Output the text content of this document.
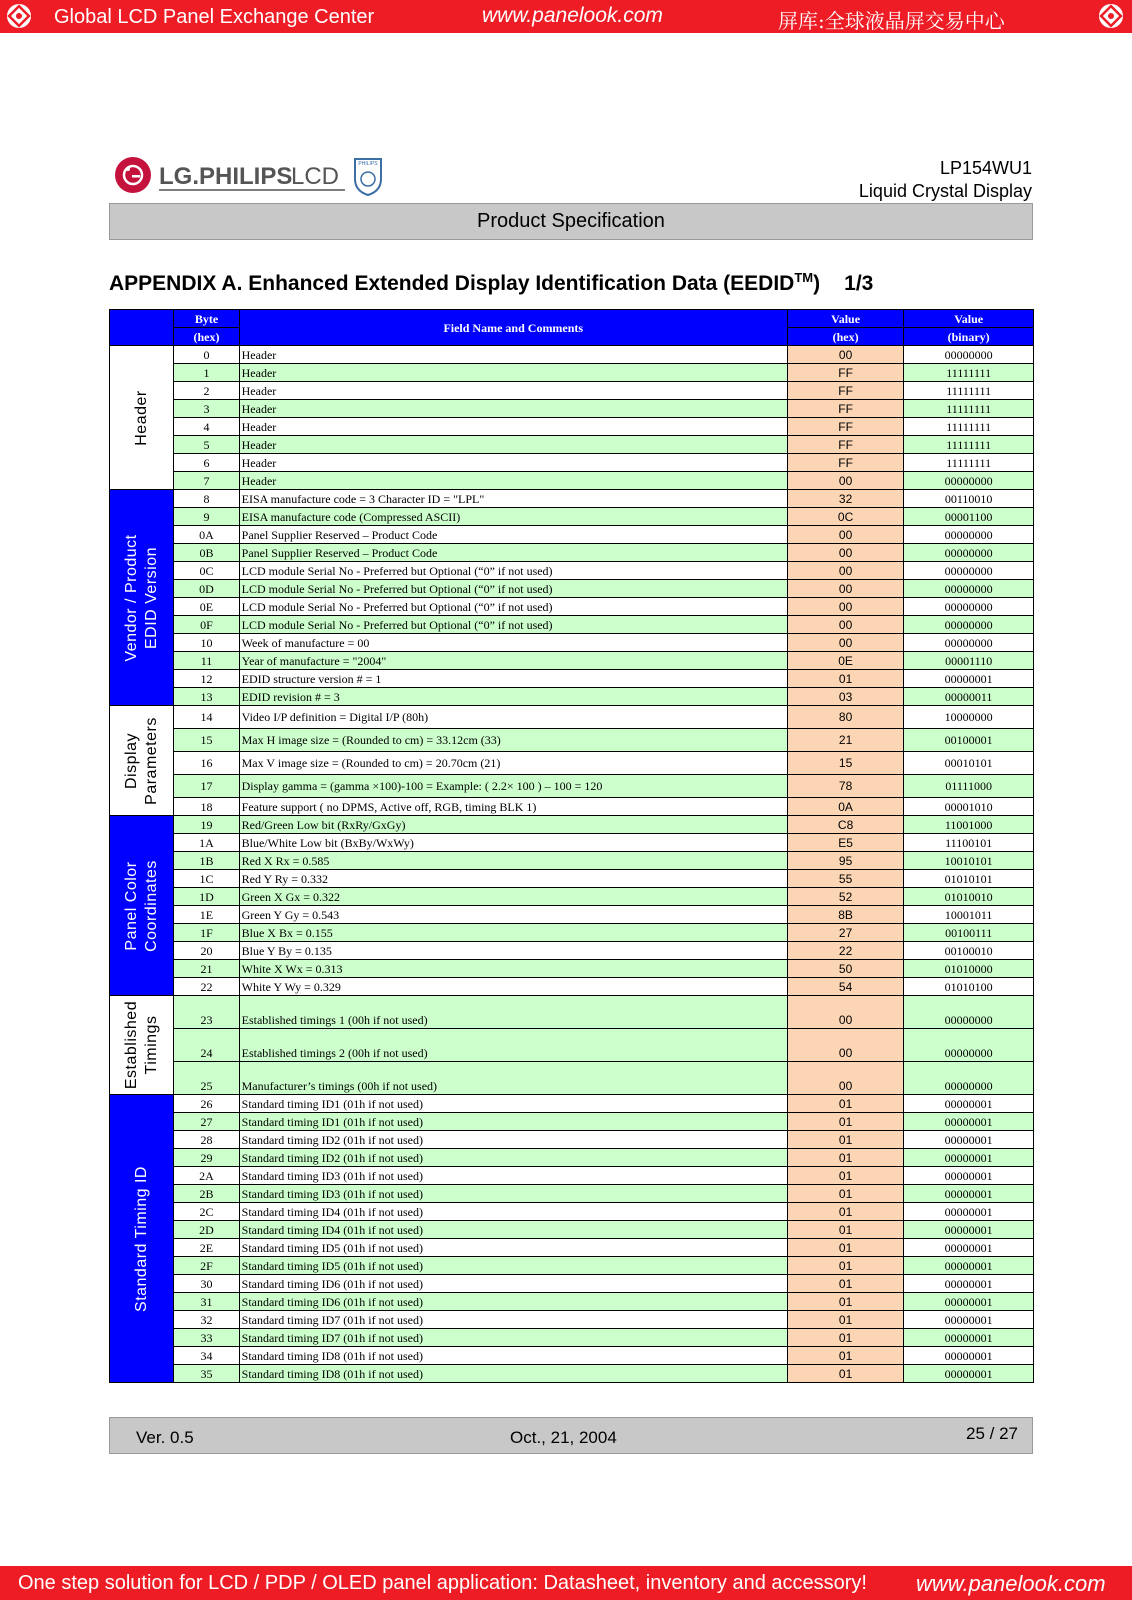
Global LCD Panel Exchange Center	www.panelook.com	屏库:全球液晶屏交易中心
LG.PHILIPS
LCD	PHILIPS	LP154WU1
Liquid Crystal Display
Product Specification
APPENDIX A. Enhanced Extended Display Identification Data (EEDID™) 1/3
	Byte	Field Name and Comments	Value	Value
	(hex)		(hex)	(binary)

Header	0	Header	00	00000000
	1	Header	FF	11111111
	2	Header	FF	11111111
	3	Header	FF	11111111
	4	Header	FF	11111111
	5	Header	FF	11111111
	6	Header	FF	11111111
	7	Header	00	00000000

Vendor / Product
EDID Version	8	EISA manufacture code = 3 Character ID = "LPL"	32	00110010
	9	EISA manufacture code (Compressed ASCII)	0C	00001100
	0A	Panel Supplier Reserved – Product Code	00	00000000
	0B	Panel Supplier Reserved – Product Code	00	00000000
	0C	LCD module Serial No - Preferred but Optional (“0” if not used)	00	00000000
	0D	LCD module Serial No - Preferred but Optional (“0” if not used)	00	00000000
	0E	LCD module Serial No - Preferred but Optional (“0” if not used)	00	00000000
	0F	LCD module Serial No - Preferred but Optional (“0” if not used)	00	00000000
	10	Week of manufacture = 00	00	00000000
	11	Year of manufacture = "2004"	0E	00001110
	12	EDID structure version # = 1	01	00000001
	13	EDID revision # = 3	03	00000011

Display
Parameters	14	Video I/P definition = Digital I/P (80h)	80	10000000
	15	Max H image size = (Rounded to cm) = 33.12cm (33)	21	00100001
	16	Max V image size = (Rounded to cm) = 20.70cm (21)	15	00010101
	17	Display gamma = (gamma ×100)-100 = Example: ( 2.2× 100 ) – 100 = 120	78	01111000
	18	Feature support ( no DPMS, Active off, RGB, timing BLK 1)	0A	00001010

Panel Color
Coordinates	19	Red/Green Low bit (RxRy/GxGy)	C8	11001000
	1A	Blue/White Low bit (BxBy/WxWy)	E5	11100101
	1B	Red X Rx = 0.585	95	10010101
	1C	Red Y Ry = 0.332	55	01010101
	1D	Green X Gx = 0.322	52	01010010
	1E	Green Y Gy = 0.543	8B	10001011
	1F	Blue X Bx = 0.155	27	00100111
	20	Blue Y By = 0.135	22	00100010
	21	White X Wx = 0.313	50	01010000
	22	White Y Wy = 0.329	54	01010100

Established
Timings	23	Established timings 1 (00h if not used)	00	00000000
	24	Established timings 2 (00h if not used)	00	00000000
	25	Manufacturer’s timings (00h if not used)	00	00000000

Standard Timing ID	26	Standard timing ID1 (01h if not used)	01	00000001
	27	Standard timing ID1 (01h if not used)	01	00000001
	28	Standard timing ID2 (01h if not used)	01	00000001
	29	Standard timing ID2 (01h if not used)	01	00000001
	2A	Standard timing ID3 (01h if not used)	01	00000001
	2B	Standard timing ID3 (01h if not used)	01	00000001
	2C	Standard timing ID4 (01h if not used)	01	00000001
	2D	Standard timing ID4 (01h if not used)	01	00000001
	2E	Standard timing ID5 (01h if not used)	01	00000001
	2F	Standard timing ID5 (01h if not used)	01	00000001
	30	Standard timing ID6 (01h if not used)	01	00000001
	31	Standard timing ID6 (01h if not used)	01	00000001
	32	Standard timing ID7 (01h if not used)	01	00000001
	33	Standard timing ID7 (01h if not used)	01	00000001
	34	Standard timing ID8 (01h if not used)	01	00000001
	35	Standard timing ID8 (01h if not used)	01	00000001
Ver. 0.5	Oct., 21, 2004	25 / 27
One step solution for LCD / PDP / OLED panel application: Datasheet, inventory and accessory! www.panelook.com
